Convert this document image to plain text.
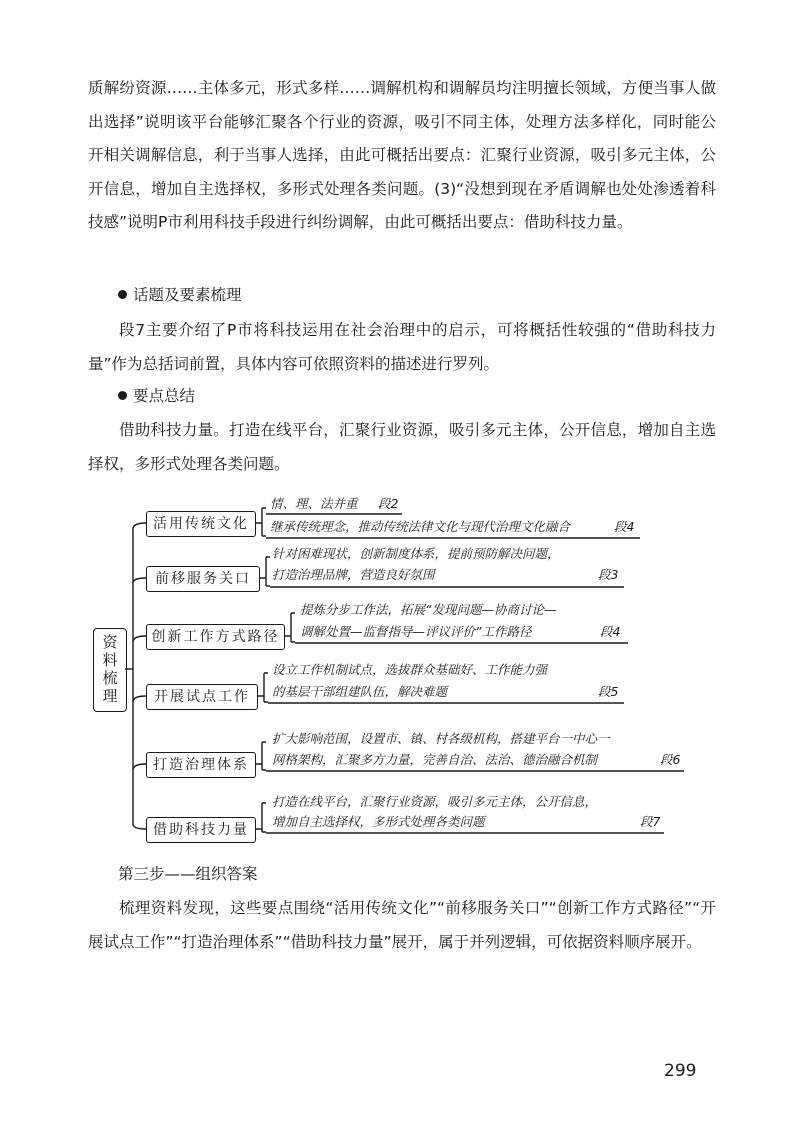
质解纷资源……主体多元，形式多样……调解机构和调解员均注明擅长领域，方便当事人做出选择”说明该平台能够汇聚各个行业的资源，吸引不同主体，处理方法多样化，同时能公开相关调解信息，利于当事人选择，由此可概括出要点：汇聚行业资源，吸引多元主体，公开信息，增加自主选择权，多形式处理各类问题。(3)“没想到现在矛盾调解也处处渗透着科技感”说明P市利用科技手段进行纠纷调解，由此可概括出要点：借助科技力量。

话题及要素梳理

段7主要介绍了P市将科技运用在社会治理中的启示，可将概括性较强的“借助科技力量”作为总括词前置，具体内容可依照资料的描述进行罗列。

要点总结

借助科技力量。打造在线平台，汇聚行业资源，吸引多元主体，公开信息，增加自主选择权，多形式处理各类问题。

资料梳理
活用传统文化
情、理、法并重 段2
继承传统理念，推动传统法律文化与现代治理文化融合	段4
前移服务关口
针对困难现状，创新制度体系，提前预防解决问题，
打造治理品牌，营造良好氛围	段3
创新工作方式路径
提炼分步工作法，拓展“发现问题—协商讨论—
调解处置—监督指导—评议评价”工作路径	段4
开展试点工作
设立工作机制试点，选拔群众基础好、工作能力强
的基层干部组建队伍，解决难题	段5
打造治理体系
扩大影响范围，设置市、镇、村各级机构，搭建平台一中心一
网格架构，汇聚多方力量，完善自治、法治、德治融合机制	段6
借助科技力量
打造在线平台，汇聚行业资源，吸引多元主体，公开信息，
增加自主选择权，多形式处理各类问题	段7
第三步——组织答案

梳理资料发现，这些要点围绕“活用传统文化”“前移服务关口”“创新工作方式路径”“开展试点工作”“打造治理体系”“借助科技力量”展开，属于并列逻辑，可依据资料顺序展开。

299
